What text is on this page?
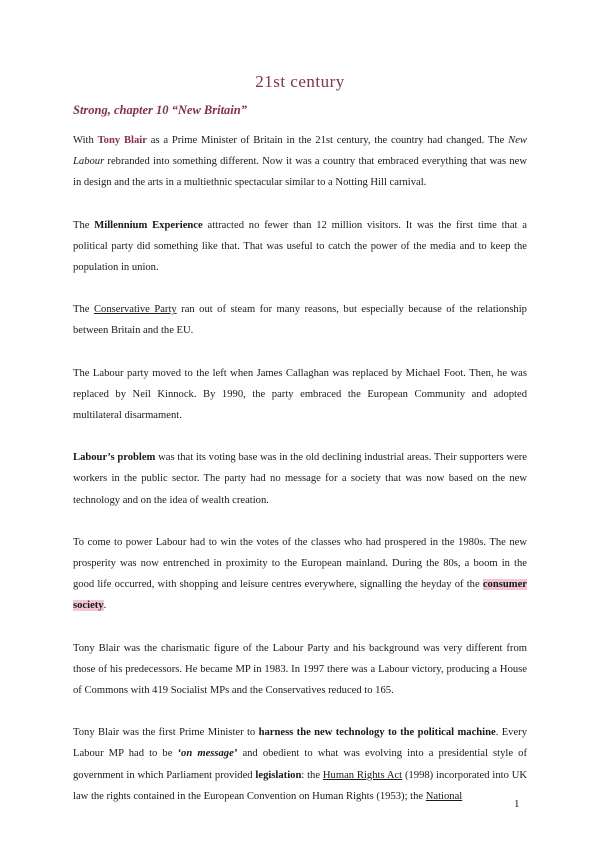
21st century
Strong, chapter 10 “New Britain”

With Tony Blair as a Prime Minister of Britain in the 21st century, the country had changed. The New Labour rebranded into something different. Now it was a country that embraced everything that was new in design and the arts in a multiethnic spectacular similar to a Notting Hill carnival.

The Millennium Experience attracted no fewer than 12 million visitors. It was the first time that a political party did something like that. That was useful to catch the power of the media and to keep the population in union.

The Conservative Party ran out of steam for many reasons, but especially because of the relationship between Britain and the EU.

The Labour party moved to the left when James Callaghan was replaced by Michael Foot. Then, he was replaced by Neil Kinnock. By 1990, the party embraced the European Community and adopted multilateral disarmament.

Labour’s problem was that its voting base was in the old declining industrial areas. Their supporters were workers in the public sector. The party had no message for a society that was now based on the new technology and on the idea of wealth creation.

To come to power Labour had to win the votes of the classes who had prospered in the 1980s. The new prosperity was now entrenched in proximity to the European mainland. During the 80s, a boom in the good life occurred, with shopping and leisure centres everywhere, signalling the heyday of the consumer society.

Tony Blair was the charismatic figure of the Labour Party and his background was very different from those of his predecessors. He became MP in 1983. In 1997 there was a Labour victory, producing a House of Commons with 419 Socialist MPs and the Conservatives reduced to 165.

Tony Blair was the first Prime Minister to harness the new technology to the political machine. Every Labour MP had to be ‘on message’ and obedient to what was evolving into a presidential style of government in which Parliament provided legislation: the Human Rights Act (1998) incorporated into UK law the rights contained in the European Convention on Human Rights (1953); the National

1
